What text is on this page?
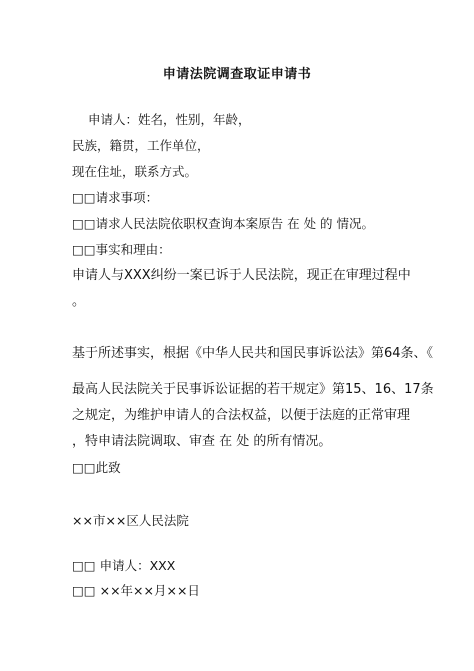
申请法院调查取证申请书
申请人：姓名，性别，年龄，
民族，籍贯，工作单位，
现在住址，联系方式。
□□请求事项：
□□请求人民法院依职权查询本案原告 在 处 的 情况。
□□事实和理由：
申请人与XXX纠纷一案已诉于人民法院，现正在审理过程中
。
基于所述事实，根据《中华人民共和国民事诉讼法》第64条、《
最高人民法院关于民事诉讼证据的若干规定》第15、16、17条
之规定，为维护申请人的合法权益，以便于法庭的正常审理
，特申请法院调取、审查 在 处 的所有情况。
□□此致
××市××区人民法院
□□ 申请人：XXX
□□ ××年××月××日
